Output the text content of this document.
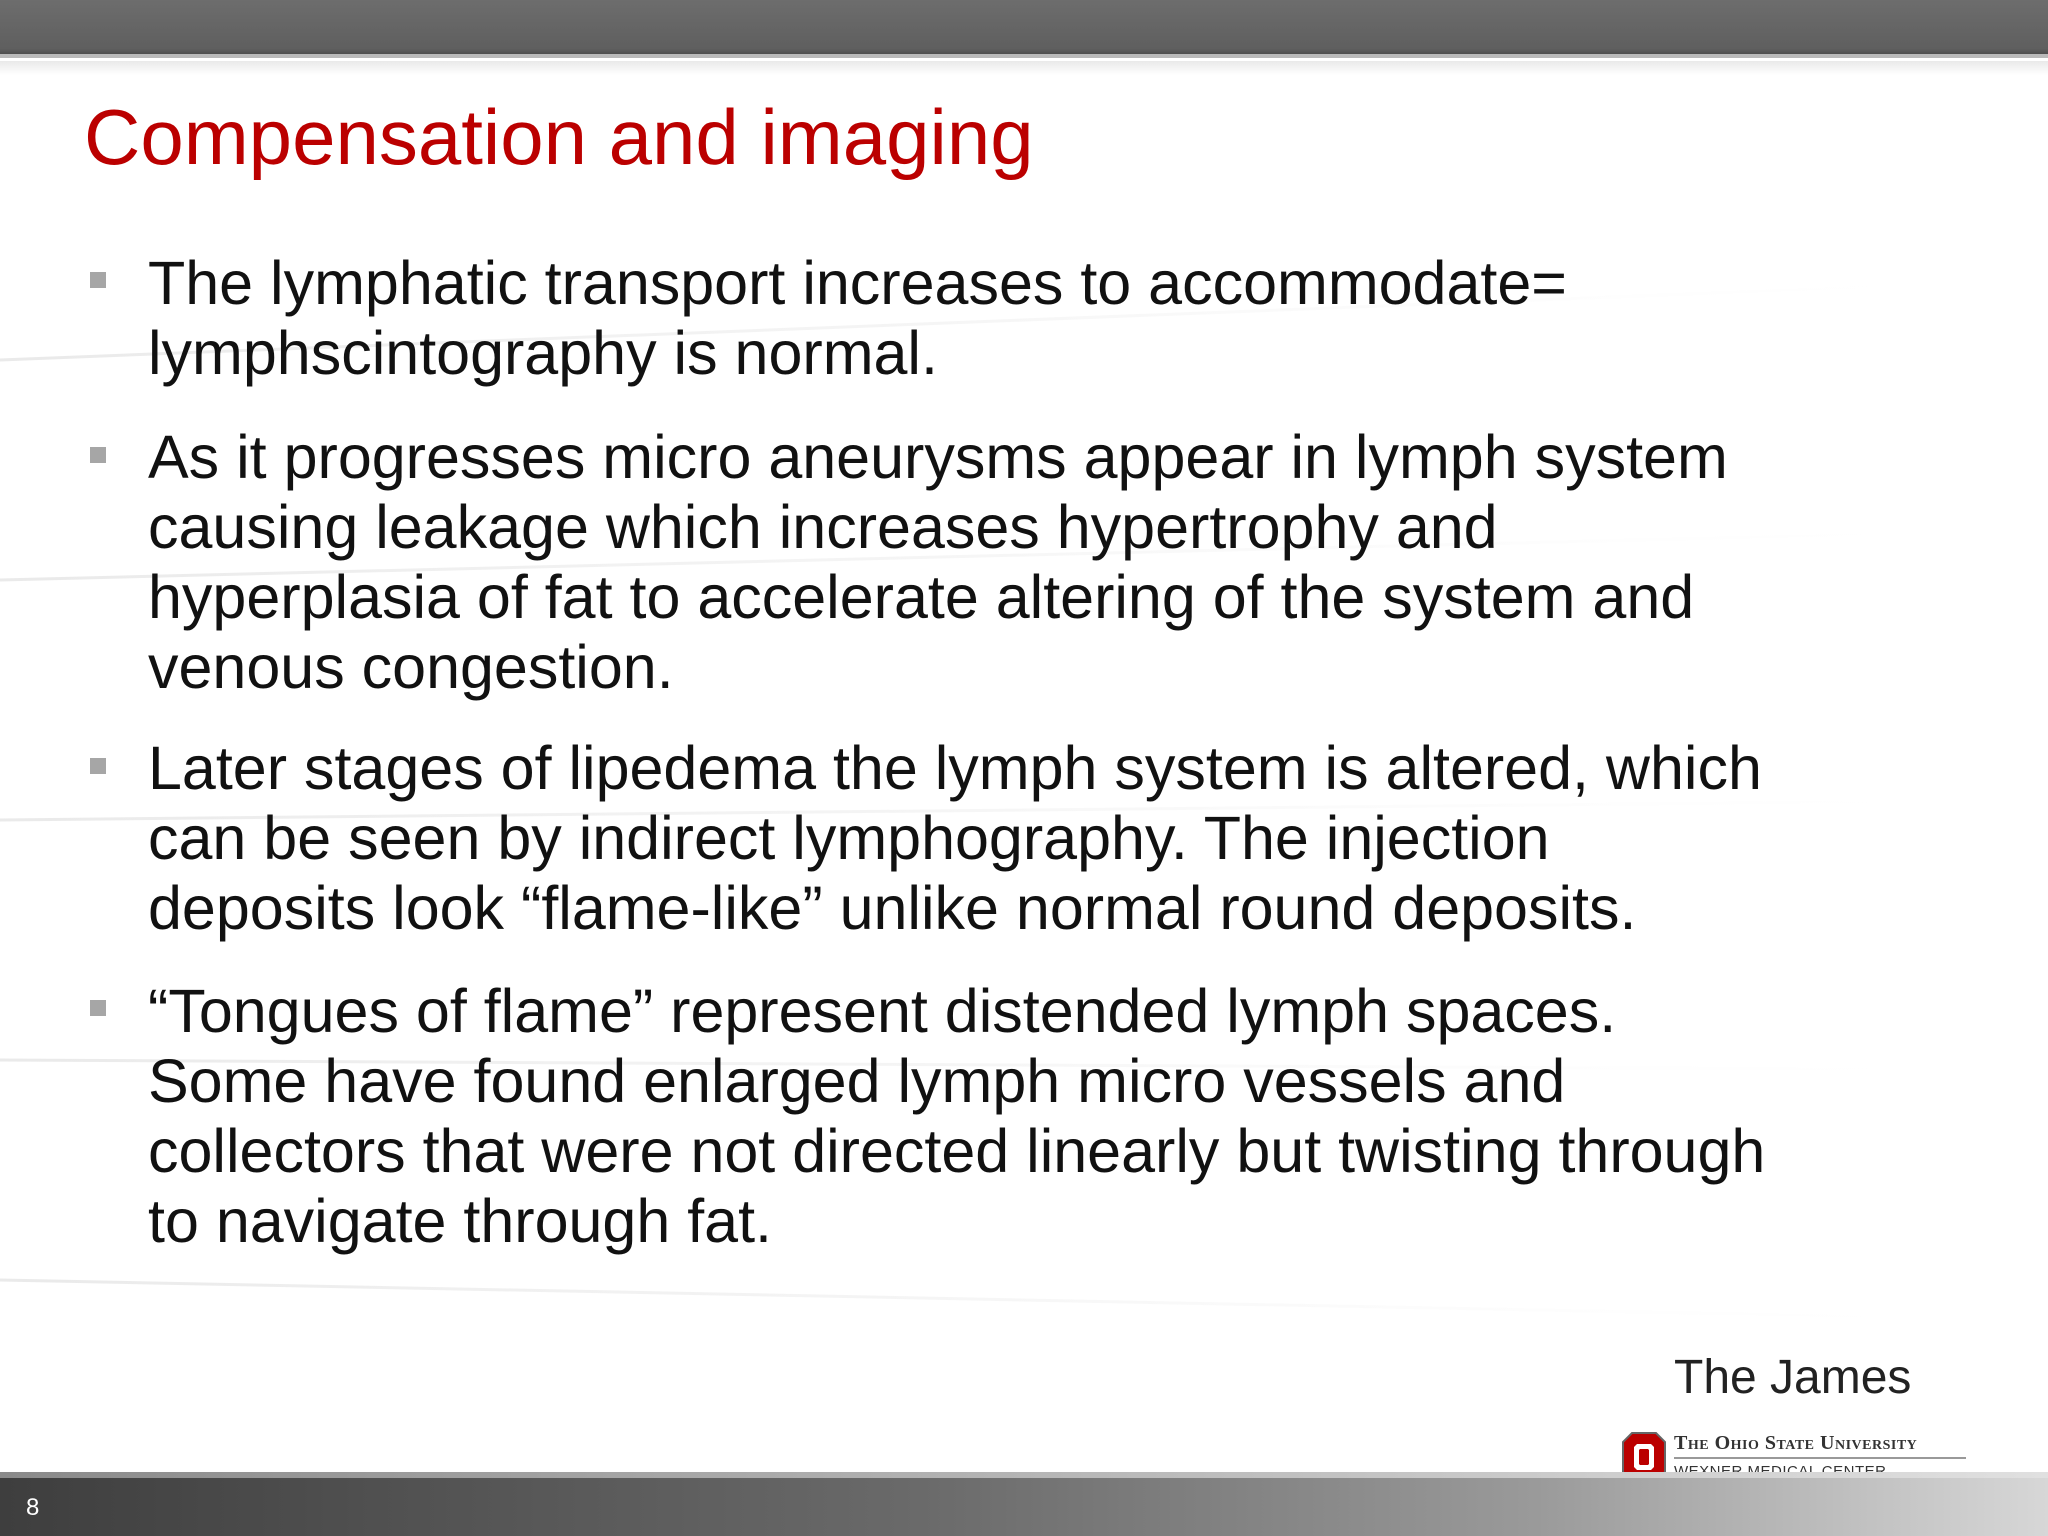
Compensation and imaging

The lymphatic transport increases to accommodate=
lymphscintography is normal.

As it progresses micro aneurysms appear in lymph system
causing leakage which increases hypertrophy and
hyperplasia of fat to accelerate altering of the system and
venous congestion.

Later stages of lipedema the lymph system is altered, which
can be seen by indirect lymphography. The injection
deposits look “flame-like” unlike normal round deposits.

“Tongues of flame” represent distended lymph spaces.
Some have found enlarged lymph micro vessels and
collectors that were not directed linearly but twisting through
to navigate through fat.

The James

The Ohio State University

8
